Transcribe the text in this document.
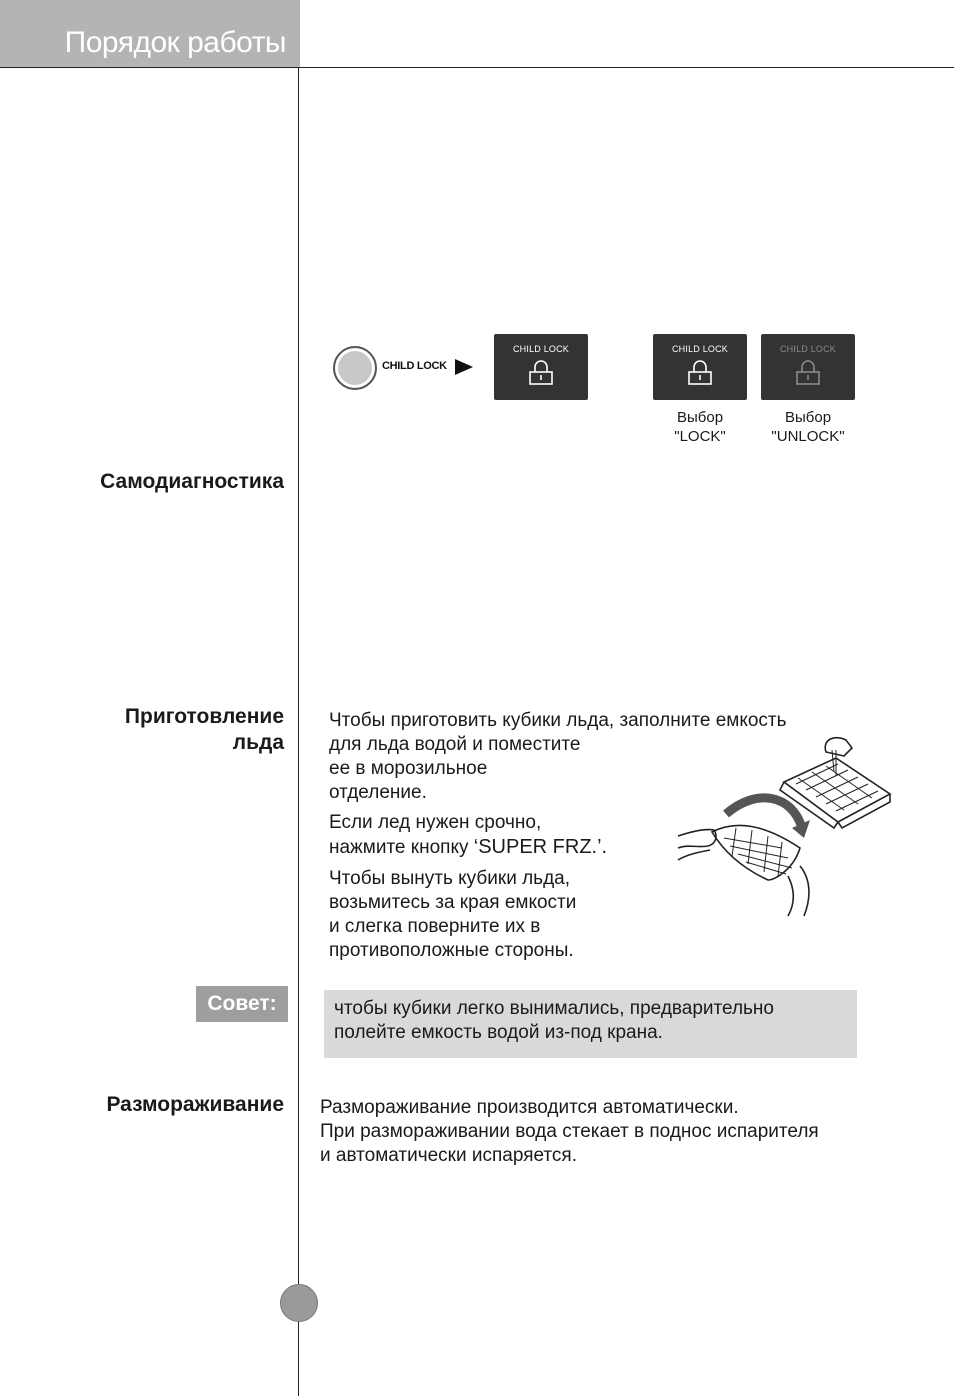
Порядок работы
CHILD LOCK
CHILD LOCK	CHILD LOCK	CHILD LOCK
Выбор
"LOCK"
Выбор
"UNLOCK"
Самодиагностика
Приготовление
льда
Чтобы приготовить кубики льда, заполните емкость
для льда водой и поместите
ее в морозильное
отделение.
Если лед нужен срочно,
нажмите кнопку ‘SUPER FRZ.’.
Чтобы вынуть кубики льда,
возьмитесь за края емкости
и слегка поверните их в
противоположные стороны.
Совет:	чтобы кубики легко вынимались, предварительно
полейте емкость водой из-под крана.
Размораживание Размораживание производится автоматически.
При размораживании вода стекает в поднос испарителя
и автоматически испаряется.
